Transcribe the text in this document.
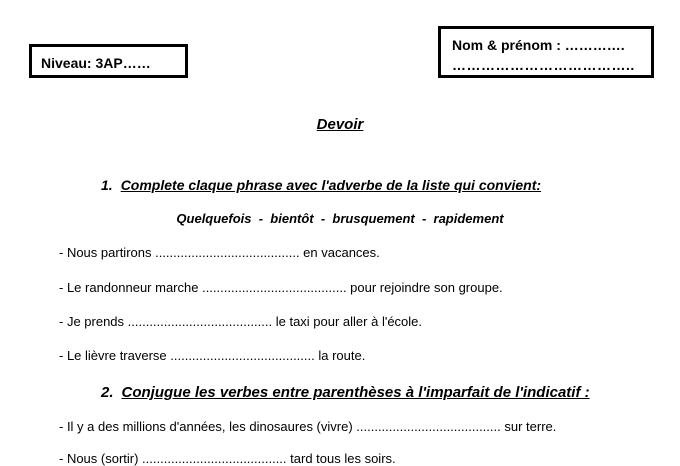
Niveau: 3AP……
Nom & prénom : ………….
………………………………..
Devoir
1. Complete claque phrase avec l'adverbe de la liste qui convient:
Quelquefois  -  bientôt  -  brusquement  -  rapidement
- Nous partirons ........................................ en vacances.
- Le randonneur marche ........................................ pour rejoindre son groupe.
- Je prends ........................................ le taxi pour aller à l'école.
- Le lièvre traverse ........................................ la route.
2. Conjugue les verbes entre parenthèses à l'imparfait de l'indicatif :
- Il y a des millions d'années, les dinosaures (vivre) ........................................ sur terre.
- Nous (sortir) ........................................ tard tous les soirs.
